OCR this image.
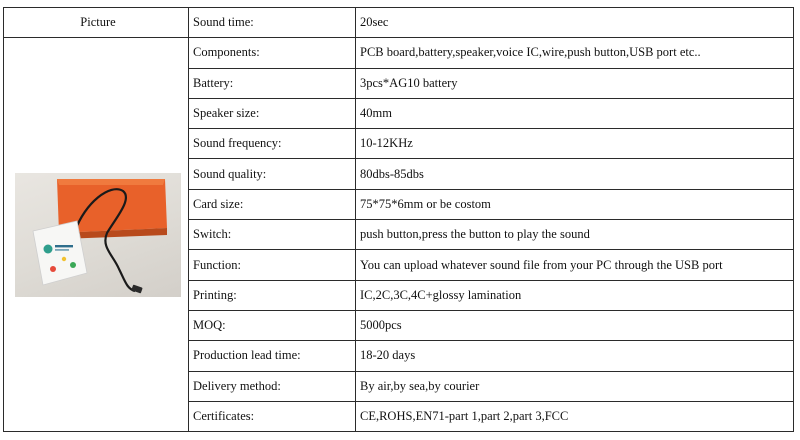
Picture	Sound time:	20sec

	Components:	PCB board,battery,speaker,voice IC,wire,push button,USB port etc..
	Battery:	3pcs*AG10 battery
	Speaker size:	40mm
	Sound frequency:	10-12KHz
	Sound quality:	80dbs-85dbs
	Card size:	75*75*6mm or be costom
	Switch:	push button,press the button to play the sound
	Function:	You can upload whatever sound file from your PC through the USB port
	Printing:	IC,2C,3C,4C+glossy lamination
	MOQ:	5000pcs
	Production lead time:	18-20 days
	Delivery method:	By air,by sea,by courier
	Certificates:	CE,ROHS,EN71-part 1,part 2,part 3,FCC
